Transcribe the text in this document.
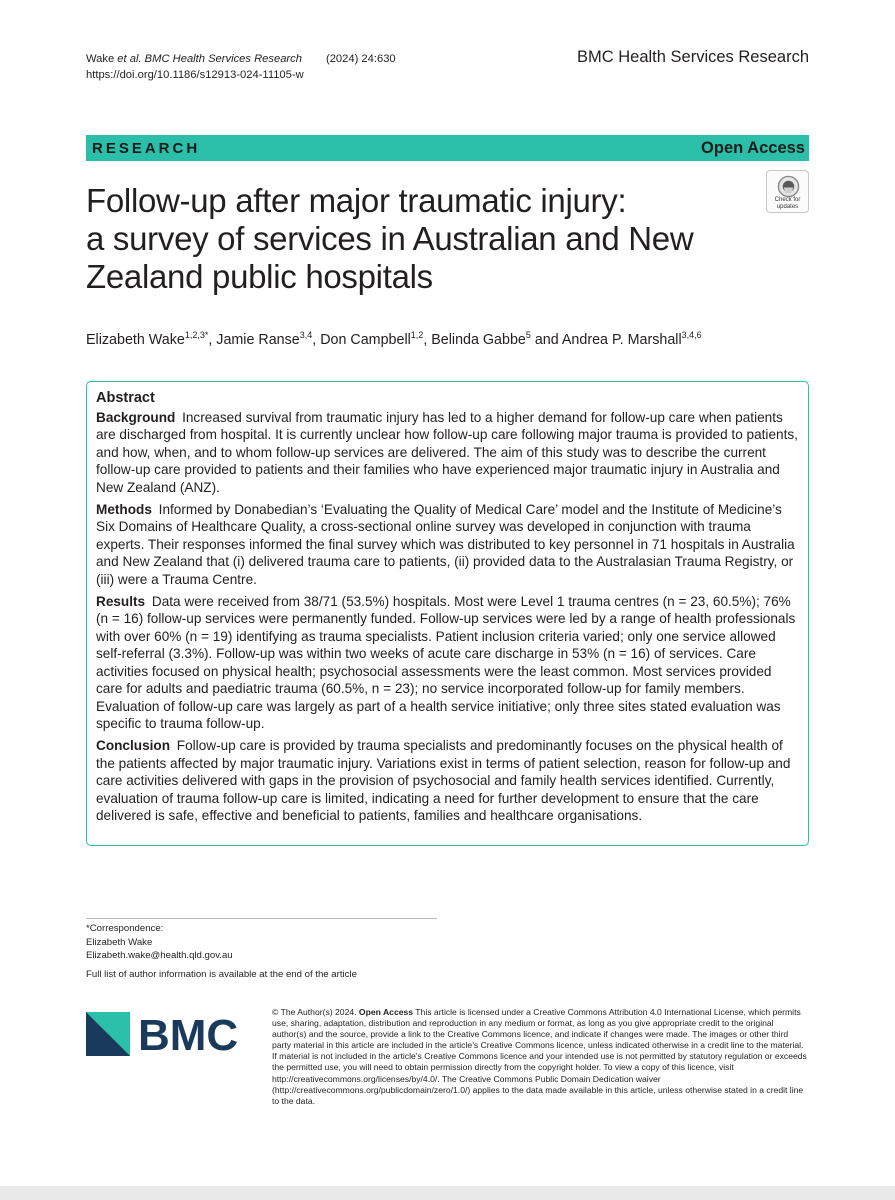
Wake et al. BMC Health Services Research (2024) 24:630
https://doi.org/10.1186/s12913-024-11105-w
BMC Health Services Research
RESEARCH	Open Access
Check for
updates
Follow-up after major traumatic injury:
a survey of services in Australian and New
Zealand public hospitals
Elizabeth Wake$^{1,2,3*}$, Jamie Ranse$^{3,4}$, Don Campbell$^{1,2}$, Belinda Gabbe$^5$ and Andrea P. Marshall$^{3,4,6}$
Abstract

Background Increased survival from traumatic injury has led to a higher demand for follow-up care when patients are discharged from hospital. It is currently unclear how follow-up care following major trauma is provided to patients, and how, when, and to whom follow-up services are delivered. The aim of this study was to describe the current follow-up care provided to patients and their families who have experienced major traumatic injury in Australia and New Zealand (ANZ).

Methods Informed by Donabedian’s ‘Evaluating the Quality of Medical Care’ model and the Institute of Medicine’s Six Domains of Healthcare Quality, a cross-sectional online survey was developed in conjunction with trauma experts. Their responses informed the final survey which was distributed to key personnel in 71 hospitals in Australia and New Zealand that (i) delivered trauma care to patients, (ii) provided data to the Australasian Trauma Registry, or (iii) were a Trauma Centre.

Results Data were received from 38/71 (53.5%) hospitals. Most were Level 1 trauma centres (n = 23, 60.5%); 76% (n = 16) follow-up services were permanently funded. Follow-up services were led by a range of health professionals with over 60% (n = 19) identifying as trauma specialists. Patient inclusion criteria varied; only one service allowed self-referral (3.3%). Follow-up was within two weeks of acute care discharge in 53% (n = 16) of services. Care activities focused on physical health; psychosocial assessments were the least common. Most services provided care for adults and paediatric trauma (60.5%, n = 23); no service incorporated follow-up for family members. Evaluation of follow-up care was largely as part of a health service initiative; only three sites stated evaluation was specific to trauma follow-up.

Conclusion Follow-up care is provided by trauma specialists and predominantly focuses on the physical health of the patients affected by major traumatic injury. Variations exist in terms of patient selection, reason for follow-up and care activities delivered with gaps in the provision of psychosocial and family health services identified. Currently, evaluation of trauma follow-up care is limited, indicating a need for further development to ensure that the care delivered is safe, effective and beneficial to patients, families and healthcare organisations.

*Correspondence:
Elizabeth Wake
Elizabeth.wake@health.qld.gov.au
Full list of author information is available at the end of the article
BMC	© The Author(s) 2024. Open Access This article is licensed under a Creative Commons Attribution 4.0 International License, which permits use, sharing, adaptation, distribution and reproduction in any medium or format, as long as you give appropriate credit to the original author(s) and the source, provide a link to the Creative Commons licence, and indicate if changes were made. The images or other third party material in this article are included in the article’s Creative Commons licence, unless indicated otherwise in a credit line to the material. If material is not included in the article’s Creative Commons licence and your intended use is not permitted by statutory regulation or exceeds the permitted use, you will need to obtain permission directly from the copyright holder. To view a copy of this licence, visit http://creativecommons.org/licenses/by/4.0/. The Creative Commons Public Domain Dedication waiver (http://creativecommons.org/publicdomain/zero/1.0/) applies to the data made available in this article, unless otherwise stated in a credit line to the data.
